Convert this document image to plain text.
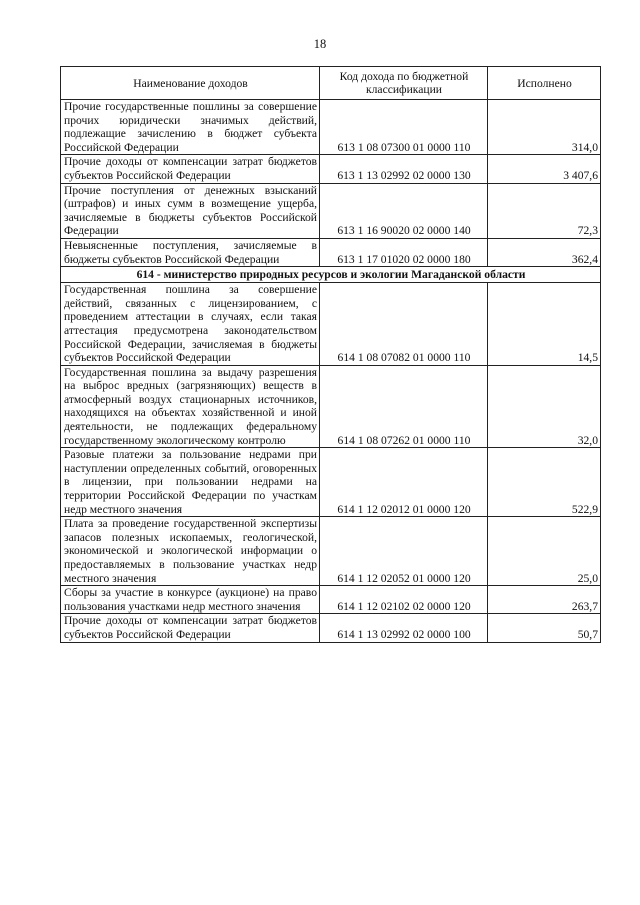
18
Наименование доходов	Код дохода по бюджетной классификации	Исполнено
Прочие государственные пошлины за совершение прочих юридически значимых действий, подлежащие зачислению в бюджет субъекта Российской Федерации	613 1 08 07300 01 0000 110	314,0
Прочие доходы от компенсации затрат бюджетов субъектов Российской Федерации	613 1 13 02992 02 0000 130	3 407,6
Прочие поступления от денежных взысканий (штрафов) и иных сумм в возмещение ущерба, зачисляемые в бюджеты субъектов Российской Федерации	613 1 16 90020 02 0000 140	72,3
Невыясненные поступления, зачисляемые в бюджеты субъектов Российской Федерации	613 1 17 01020 02 0000 180	362,4
614 - министерство природных ресурсов и экологии Магаданской области		
Государственная пошлина за совершение действий, связанных с лицензированием, с проведением аттестации в случаях, если такая аттестация предусмотрена законодательством Российской Федерации, зачисляемая в бюджеты субъектов Российской Федерации	614 1 08 07082 01 0000 110	14,5
Государственная пошлина за выдачу разрешения на выброс вредных (загрязняющих) веществ в атмосферный воздух стационарных источников, находящихся на объектах хозяйственной и иной деятельности, не подлежащих федеральному государственному экологическому контролю	614 1 08 07262 01 0000 110	32,0
Разовые платежи за пользование недрами при наступлении определенных событий, оговоренных в лицензии, при пользовании недрами на территории Российской Федерации по участкам недр местного значения	614 1 12 02012 01 0000 120	522,9
Плата за проведение государственной экспертизы запасов полезных ископаемых, геологической, экономической и экологической информации о предоставляемых в пользование участках недр местного значения	614 1 12 02052 01 0000 120	25,0
Сборы за участие в конкурсе (аукционе) на право пользования участками недр местного значения	614 1 12 02102 02 0000 120	263,7
Прочие доходы от компенсации затрат бюджетов субъектов Российской Федерации	614 1 13 02992 02 0000 100	50,7
